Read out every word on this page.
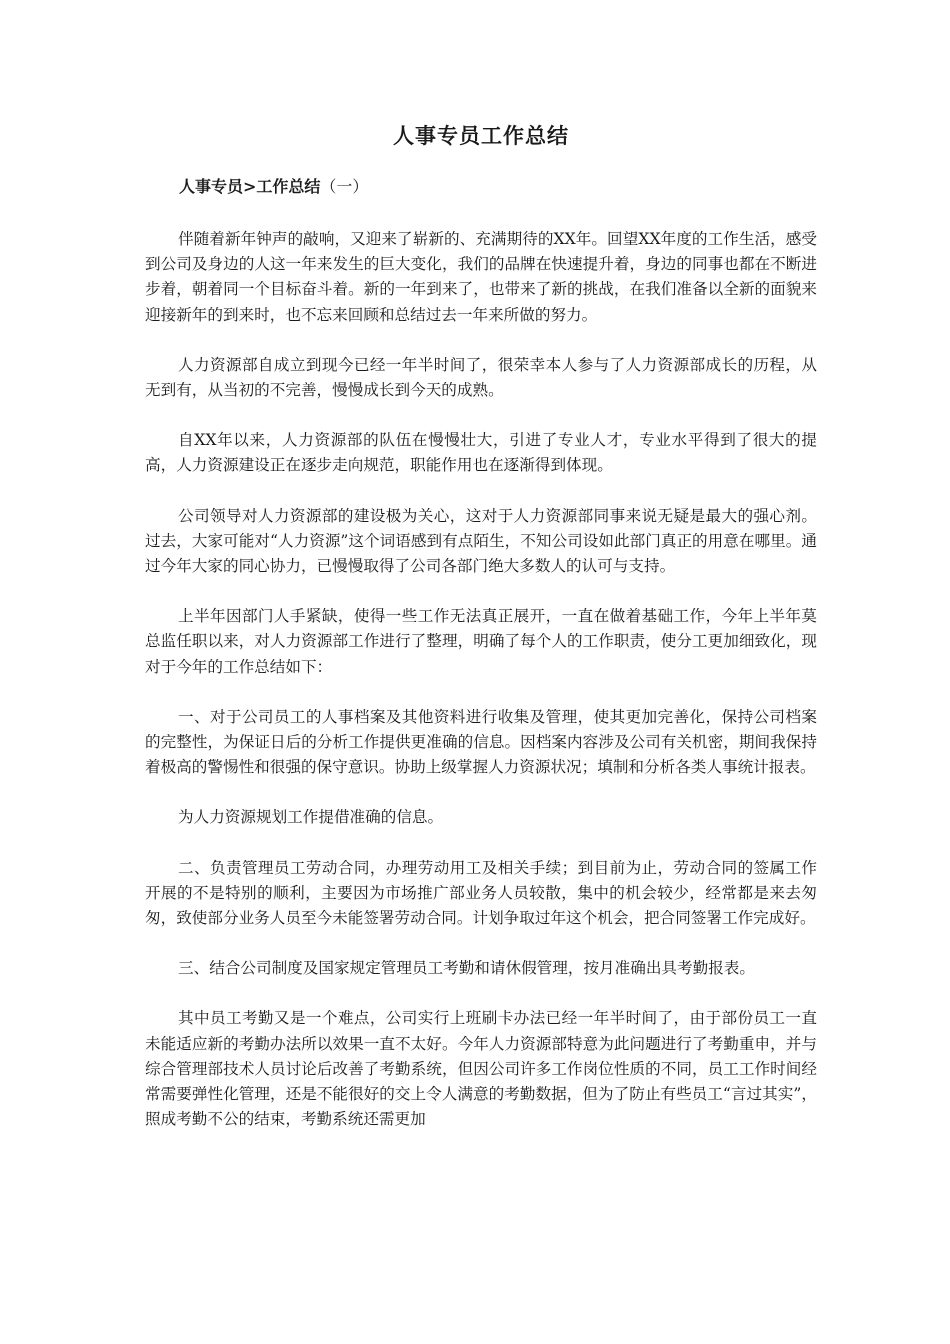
人事专员工作总结
人事专员>工作总结（一）

伴随着新年钟声的敲响，又迎来了崭新的、充满期待的XX年。回望XX年度的工作生活，感受到公司及身边的人这一年来发生的巨大变化，我们的品牌在快速提升着，身边的同事也都在不断进步着，朝着同一个目标奋斗着。新的一年到来了，也带来了新的挑战，在我们准备以全新的面貌来迎接新年的到来时，也不忘来回顾和总结过去一年来所做的努力。

人力资源部自成立到现今已经一年半时间了，很荣幸本人参与了人力资源部成长的历程，从无到有，从当初的不完善，慢慢成长到今天的成熟。

自XX年以来，人力资源部的队伍在慢慢壮大，引进了专业人才，专业水平得到了很大的提高，人力资源建设正在逐步走向规范，职能作用也在逐渐得到体现。

公司领导对人力资源部的建设极为关心，这对于人力资源部同事来说无疑是最大的强心剂。过去，大家可能对“人力资源”这个词语感到有点陌生，不知公司设如此部门真正的用意在哪里。通过今年大家的同心协力，已慢慢取得了公司各部门绝大多数人的认可与支持。

上半年因部门人手紧缺，使得一些工作无法真正展开，一直在做着基础工作，今年上半年莫总监任职以来，对人力资源部工作进行了整理，明确了每个人的工作职责，使分工更加细致化，现对于今年的工作总结如下：

一、对于公司员工的人事档案及其他资料进行收集及管理，使其更加完善化，保持公司档案的完整性，为保证日后的分析工作提供更准确的信息。因档案内容涉及公司有关机密，期间我保持着极高的警惕性和很强的保守意识。协助上级掌握人力资源状况；填制和分析各类人事统计报表。

为人力资源规划工作提借准确的信息。

二、负责管理员工劳动合同，办理劳动用工及相关手续；到目前为止，劳动合同的签属工作开展的不是特别的顺利，主要因为市场推广部业务人员较散，集中的机会较少，经常都是来去匆匆，致使部分业务人员至今未能签署劳动合同。计划争取过年这个机会，把合同签署工作完成好。

三、结合公司制度及国家规定管理员工考勤和请休假管理，按月准确出具考勤报表。

其中员工考勤又是一个难点，公司实行上班刷卡办法已经一年半时间了，由于部份员工一直未能适应新的考勤办法所以效果一直不太好。今年人力资源部特意为此问题进行了考勤重申，并与综合管理部技术人员讨论后改善了考勤系统，但因公司许多工作岗位性质的不同，员工工作时间经常需要弹性化管理，还是不能很好的交上令人满意的考勤数据，但为了防止有些员工“言过其实”，照成考勤不公的结束，考勤系统还需更加
